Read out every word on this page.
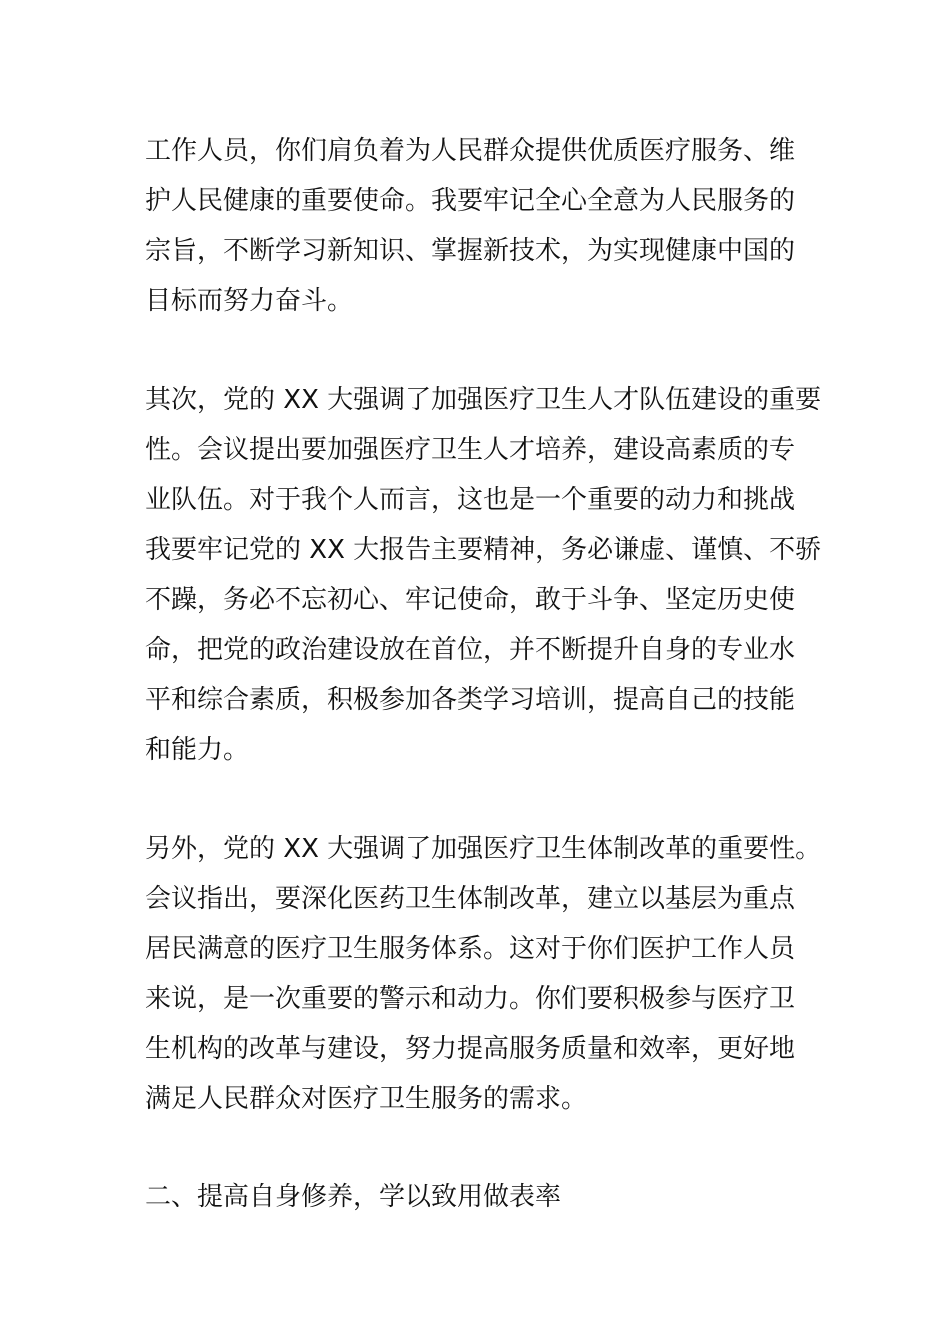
工作人员，你们肩负着为人民群众提供优质医疗服务、维
护人民健康的重要使命。我要牢记全心全意为人民服务的
宗旨，不断学习新知识、掌握新技术，为实现健康中国的
目标而努力奋斗。
其次，党的 XX 大强调了加强医疗卫生人才队伍建设的重要
性。会议提出要加强医疗卫生人才培养，建设高素质的专
业队伍。对于我个人而言，这也是一个重要的动力和挑战
我要牢记党的 XX 大报告主要精神，务必谦虚、谨慎、不骄
不躁，务必不忘初心、牢记使命，敢于斗争、坚定历史使
命，把党的政治建设放在首位，并不断提升自身的专业水
平和综合素质，积极参加各类学习培训，提高自己的技能
和能力。
另外，党的 XX 大强调了加强医疗卫生体制改革的重要性。
会议指出，要深化医药卫生体制改革，建立以基层为重点
居民满意的医疗卫生服务体系。这对于你们医护工作人员
来说，是一次重要的警示和动力。你们要积极参与医疗卫
生机构的改革与建设，努力提高服务质量和效率，更好地
满足人民群众对医疗卫生服务的需求。
二、提高自身修养，学以致用做表率
